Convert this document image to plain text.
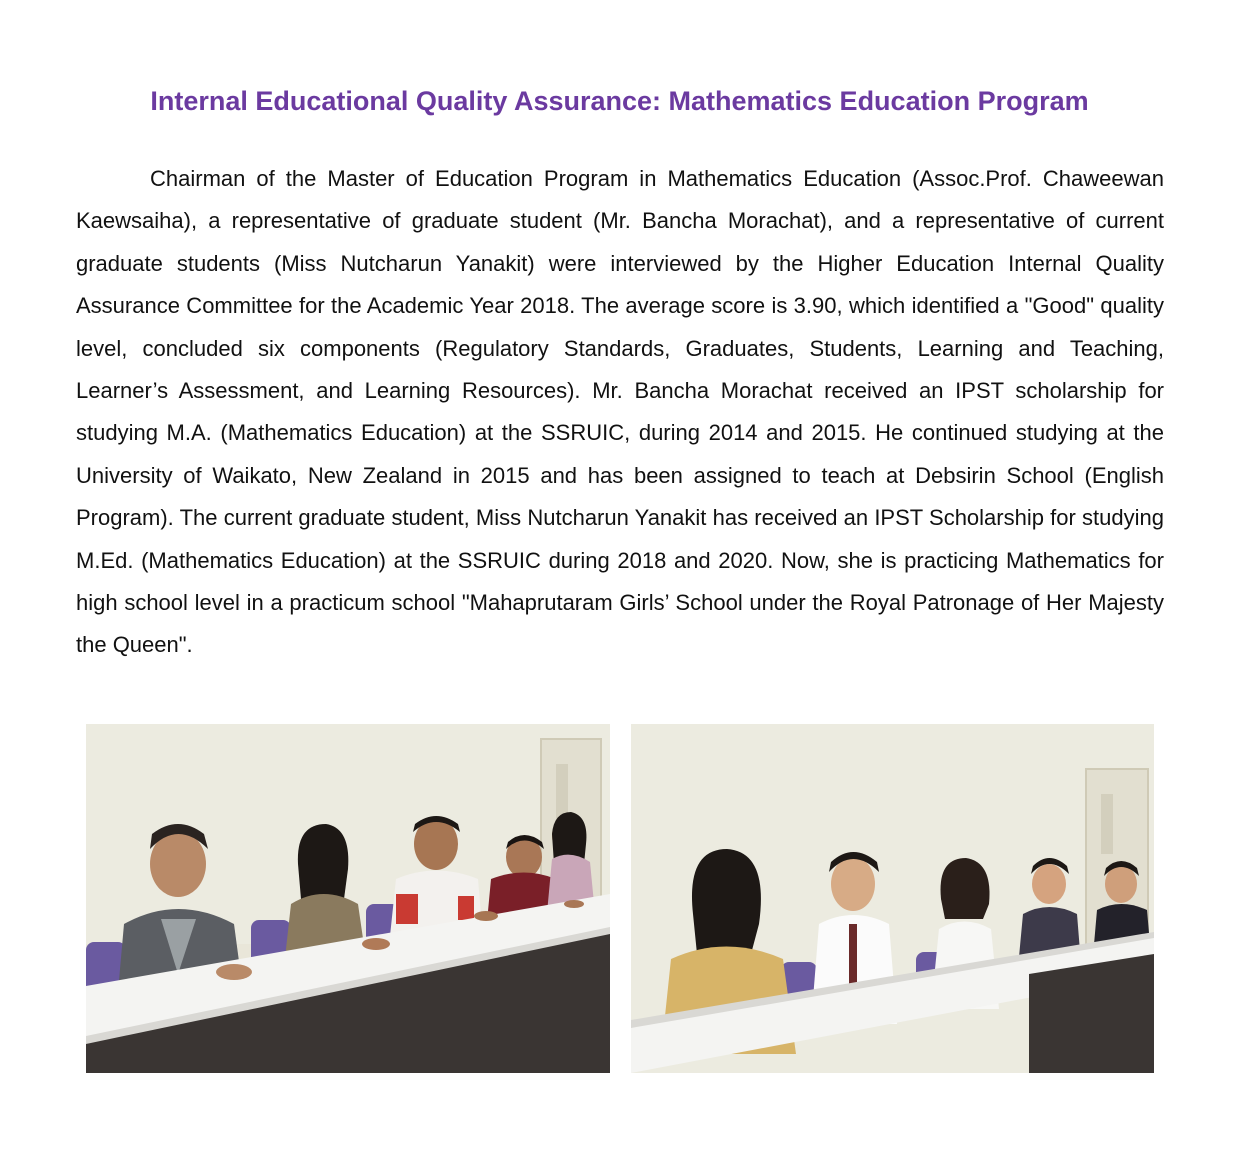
Internal Educational Quality Assurance: Mathematics Education Program

Chairman of the Master of Education Program in Mathematics Education (Assoc.Prof. Chaweewan Kaewsaiha), a representative of graduate student (Mr. Bancha Morachat), and a representative of current graduate students (Miss Nutcharun Yanakit) were interviewed by the Higher Education Internal Quality Assurance Committee for the Academic Year 2018. The average score is 3.90, which identified a "Good" quality level, concluded six components (Regulatory Standards, Graduates, Students, Learning and Teaching, Learner’s Assessment, and Learning Resources). Mr. Bancha Morachat received an IPST scholarship for studying M.A. (Mathematics Education) at the SSRUIC, during 2014 and 2015. He continued studying at the University of Waikato, New Zealand in 2015 and has been assigned to teach at Debsirin School (English Program). The current graduate student, Miss Nutcharun Yanakit has received an IPST Scholarship for studying M.Ed. (Mathematics Education) at the SSRUIC during 2018 and 2020. Now, she is practicing Mathematics for high school level in a practicum school "Mahaprutaram Girls’ School under the Royal Patronage of Her Majesty the Queen".
